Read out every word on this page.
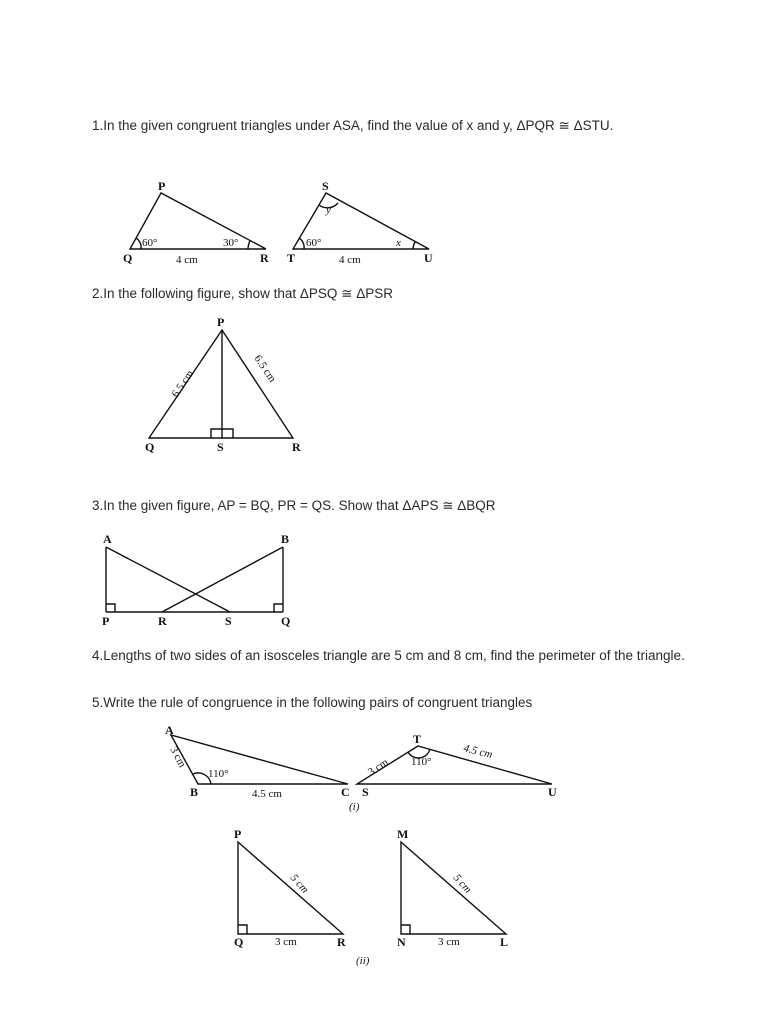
1.In the given congruent triangles under ASA, find the value of x and y, ΔPQR ≅ ΔSTU.
2.In the following figure, show that ΔPSQ ≅ ΔPSR
3.In the given figure, AP = BQ, PR = QS. Show that ΔAPS ≅ ΔBQR
4.Lengths of two sides of an isosceles triangle are 5 cm and 8 cm, find the perimeter of the triangle.
5.Write the rule of congruence in the following pairs of congruent triangles
P
Q	R
60°	30°
4 cm
S
T	U
60°
y
x
4 cm
P
Q	S	R
6.5 cm	6.5 cm
A	B
P	R	S	Q
A
B	C
3 cm
110°
4.5 cm
T
S	U
3 cm 110°
4.5 cm
(i)
P
Q	R
5 cm
3 cm
M
N	L
5 cm
3 cm
(ii)
